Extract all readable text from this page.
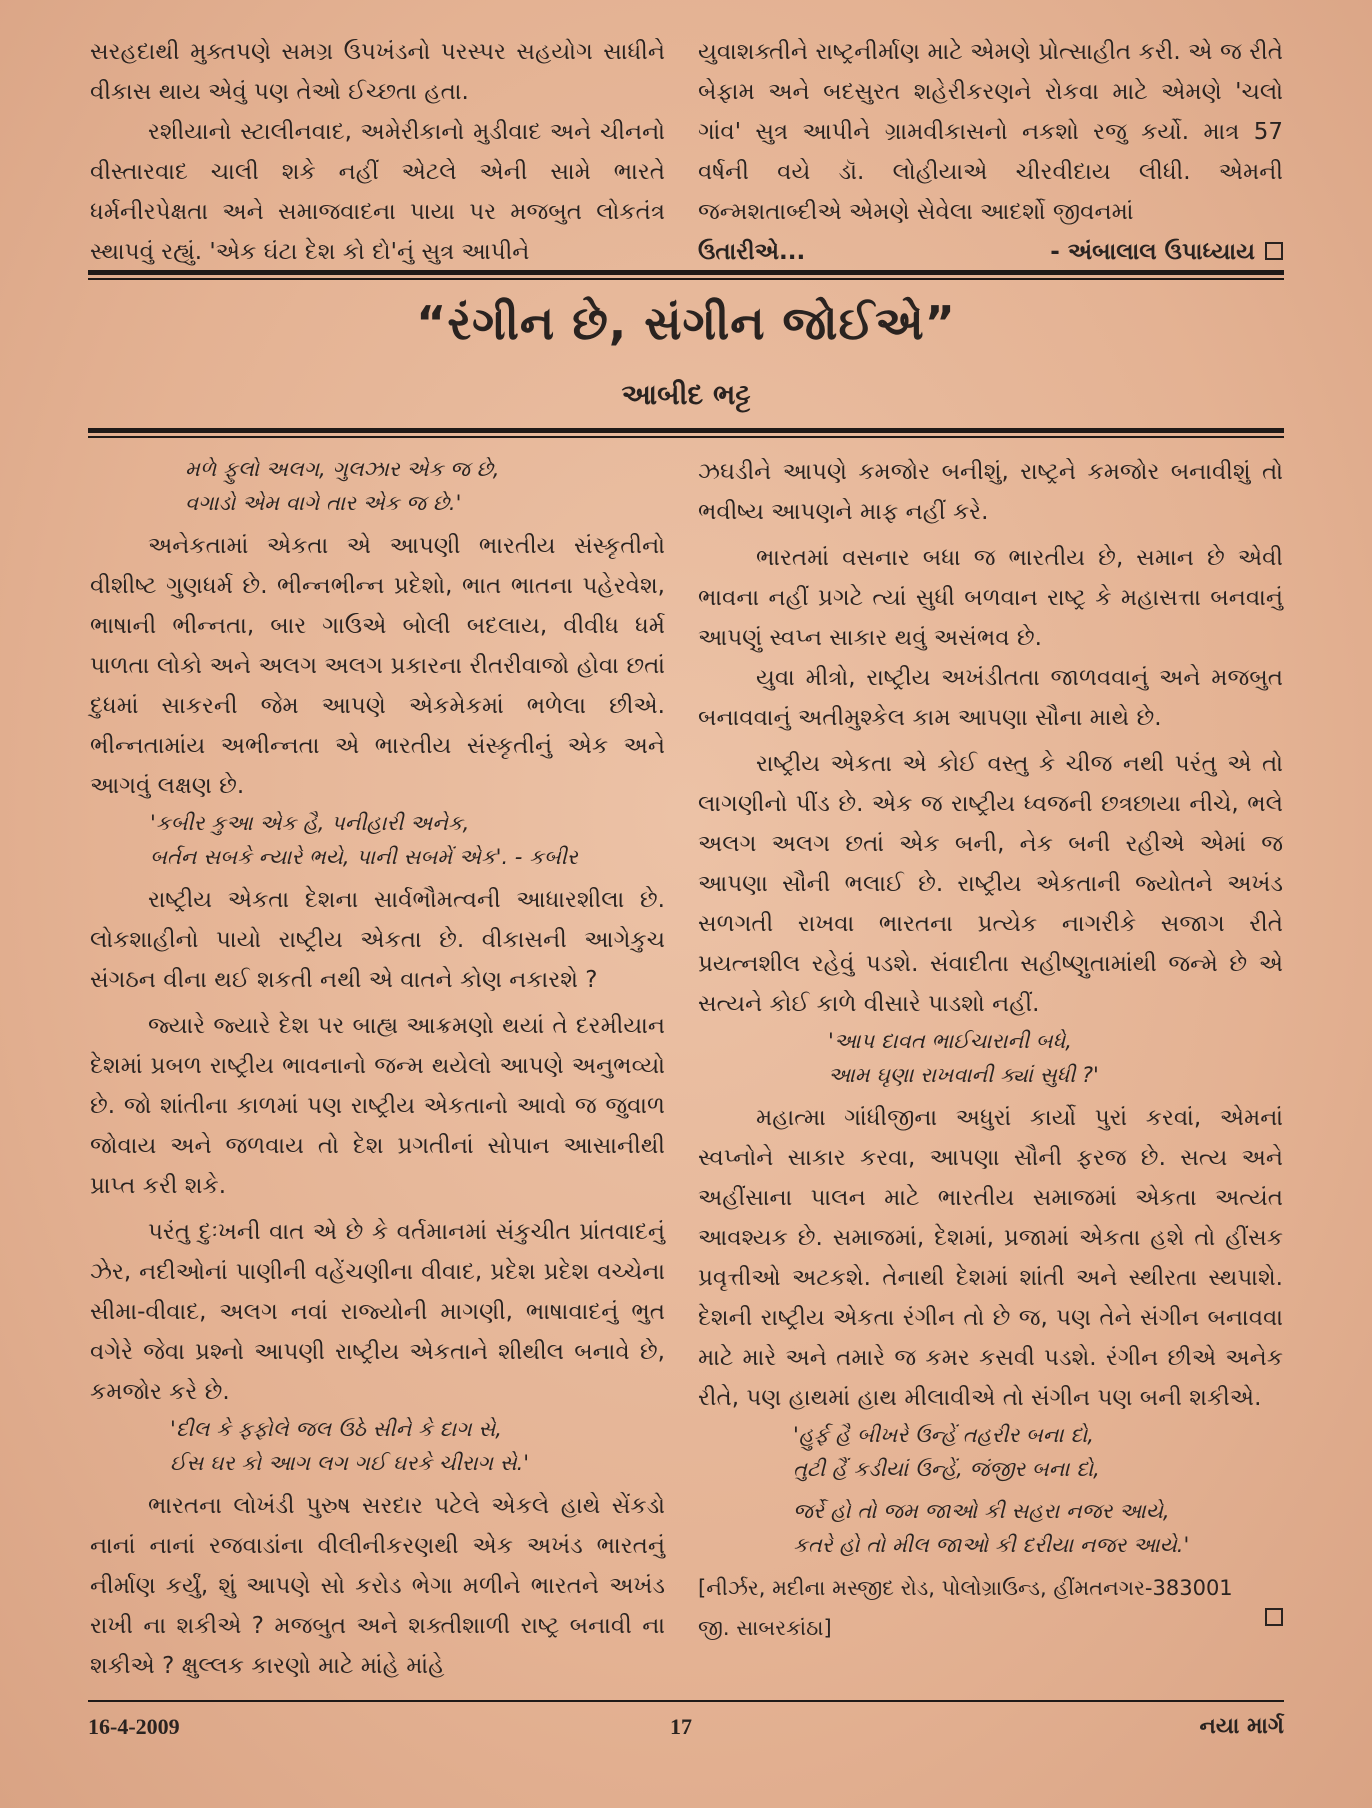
સરહદાથી મુક્તપણે સમગ્ર ઉપખંડનો પરસ્પર સહયોગ સાધીને વીકાસ થાય એવું પણ તેઓ ઈચ્છતા હતા.

રશીયાનો સ્ટાલીનવાદ, અમેરીકાનો મુડીવાદ અને ચીનનો વીસ્તારવાદ ચાલી શકે નહીં એટલે એની સામે ભારતે ધર્મનીરપેક્ષતા અને સમાજવાદના પાયા પર મજબુત લોકતંત્ર સ્થાપવું રહ્યું. 'એક ઘંટા દેશ કો દો'નું સુત્ર આપીને

યુવાશક્તીને રાષ્ટ્રનીર્માણ માટે એમણે પ્રોત્સાહીત કરી. એ જ રીતે બેફામ અને બદસુરત શહેરીકરણને રોકવા માટે એમણે 'ચલો ગાંવ' સુત્ર આપીને ગ્રામવીકાસનો નકશો રજુ કર્યો. માત્ર 57 વર્ષની વયે ડૉ. લોહીયાએ ચીરવીદાય લીધી. એમની જન્મશતાબ્દીએ એમણે સેવેલા આદર્શો જીવનમાં

ઉતારીએ...	- અંબાલાલ ઉપાધ્યાય
“રંગીન છે, સંગીન જોઈએ”
આબીદ ભટ્ટ
મળે ફુલો અલગ, ગુલઝાર એક જ છે,
વગાડો એમ વાગે તાર એક જ છે.'

અનેકતામાં એકતા એ આપણી ભારતીય સંસ્કૃતીનો વીશીષ્ટ ગુણધર્મ છે. ભીન્નભીન્ન પ્રદેશો, ભાત ભાતના પહેરવેશ, ભાષાની ભીન્નતા, બાર ગાઉએ બોલી બદલાય, વીવીધ ધર્મ પાળતા લોકો અને અલગ અલગ પ્રકારના રીતરીવાજો હોવા છતાં દુધમાં સાકરની જેમ આપણે એકમેકમાં ભળેલા છીએ. ભીન્નતામાંય અભીન્નતા એ ભારતીય સંસ્કૃતીનું એક અને આગવું લક્ષણ છે.

'કબીર કુઆ એક હૈ, પનીહારી અનેક,
બર્તન સબકે ન્યારે ભયે, પાની સબમેં એક'. - કબીર

રાષ્ટ્રીય એકતા દેશના સાર્વભૌમત્વની આધારશીલા છે. લોકશાહીનો પાયો રાષ્ટ્રીય એકતા છે. વીકાસની આગેકુચ સંગઠન વીના થઈ શકતી નથી એ વાતને કોણ નકારશે ?

જ્યારે જ્યારે દેશ પર બાહ્ય આક્રમણો થયાં તે દરમીયાન દેશમાં પ્રબળ રાષ્ટ્રીય ભાવનાનો જન્મ થયેલો આપણે અનુભવ્યો છે. જો શાંતીના કાળમાં પણ રાષ્ટ્રીય એકતાનો આવો જ જુવાળ જોવાય અને જળવાય તો દેશ પ્રગતીનાં સોપાન આસાનીથી પ્રાપ્ત કરી શકે.

પરંતુ દુઃખની વાત એ છે કે વર્તમાનમાં સંકુચીત પ્રાંતવાદનું ઝેર, નદીઓનાં પાણીની વહેંચણીના વીવાદ, પ્રદેશ પ્રદેશ વચ્ચેના સીમા-વીવાદ, અલગ નવાં રાજ્યોની માગણી, ભાષાવાદનું ભુત વગેરે જેવા પ્રશ્નો આપણી રાષ્ટ્રીય એકતાને શીથીલ બનાવે છે, કમજોર કરે છે.

'દીલ કે ફફોલે જલ ઉઠે સીને કે દાગ સે,
ઈસ ઘર કો આગ લગ ગઈ ઘરકે ચીરાગ સે.'

ભારતના લોખંડી પુરુષ સરદાર પટેલે એકલે હાથે સેંકડો નાનાં નાનાં રજવાડાંના વીલીનીકરણથી એક અખંડ ભારતનું નીર્માણ કર્યું, શું આપણે સો કરોડ ભેગા મળીને ભારતને અખંડ રાખી ના શકીએ ? મજબુત અને શક્તીશાળી રાષ્ટ્ર બનાવી ના શકીએ ? ક્ષુલ્લક કારણો માટે માંહે માંહે

ઝઘડીને આપણે કમજોર બનીશું, રાષ્ટ્રને કમજોર બનાવીશું તો ભવીષ્ય આપણને માફ નહીં કરે.

ભારતમાં વસનાર બધા જ ભારતીય છે, સમાન છે એવી ભાવના નહીં પ્રગટે ત્યાં સુધી બળવાન રાષ્ટ્ર કે મહાસત્તા બનવાનું આપણું સ્વપ્ન સાકાર થવું અસંભવ છે.

યુવા મીત્રો, રાષ્ટ્રીય અખંડીતતા જાળવવાનું અને મજબુત બનાવવાનું અતીમુશ્કેલ કામ આપણા સૌના માથે છે.

રાષ્ટ્રીય એકતા એ કોઈ વસ્તુ કે ચીજ નથી પરંતુ એ તો લાગણીનો પીંડ છે. એક જ રાષ્ટ્રીય ધ્વજની છત્રછાયા નીચે, ભલે અલગ અલગ છતાં એક બની, નેક બની રહીએ એમાં જ આપણા સૌની ભલાઈ છે. રાષ્ટ્રીય એકતાની જ્યોતને અખંડ સળગતી રાખવા ભારતના પ્રત્યેક નાગરીકે સજાગ રીતે પ્રયત્નશીલ રહેવું પડશે. સંવાદીતા સહીષ્ણુતામાંથી જન્મે છે એ સત્યને કોઈ કાળે વીસારે પાડશો નહીં.

'આપ દાવત ભાઈચારાની બધે,
આમ ઘૃણા રાખવાની ક્યાં સુધી ?'

મહાત્મા ગાંધીજીના અધુરાં કાર્યો પુરાં કરવાં, એમનાં સ્વપ્નોને સાકાર કરવા, આપણા સૌની ફરજ છે. સત્ય અને અહીંસાના પાલન માટે ભારતીય સમાજમાં એકતા અત્યંત આવશ્યક છે. સમાજમાં, દેશમાં, પ્રજામાં એકતા હશે તો હીંસક પ્રવૃત્તીઓ અટકશે. તેનાથી દેશમાં શાંતી અને સ્થીરતા સ્થપાશે. દેશની રાષ્ટ્રીય એકતા રંગીન તો છે જ, પણ તેને સંગીન બનાવવા માટે મારે અને તમારે જ કમર કસવી પડશે. રંગીન છીએ અનેક રીતે, પણ હાથમાં હાથ મીલાવીએ તો સંગીન પણ બની શકીએ.

'હુર્ફ હૈ બીખરે ઉન્હેં તહરીર બના દો,
તુટી હૈં કડીયાં ઉન્હેં, જંજીર બના દો,
જર્રે હો તો જમ જાઓ કી સહરા નજર આયે,
કતરે હો તો મીલ જાઓ કી દરીયા નજર આયે.'

[નીર્ઝર, મદીના મસ્જીદ રોડ, પોલોગ્રાઉન્ડ, હીંમતનગર-383001

જી. સાબરકાંઠા]
16-4-2009	17	નયા માર્ગ
